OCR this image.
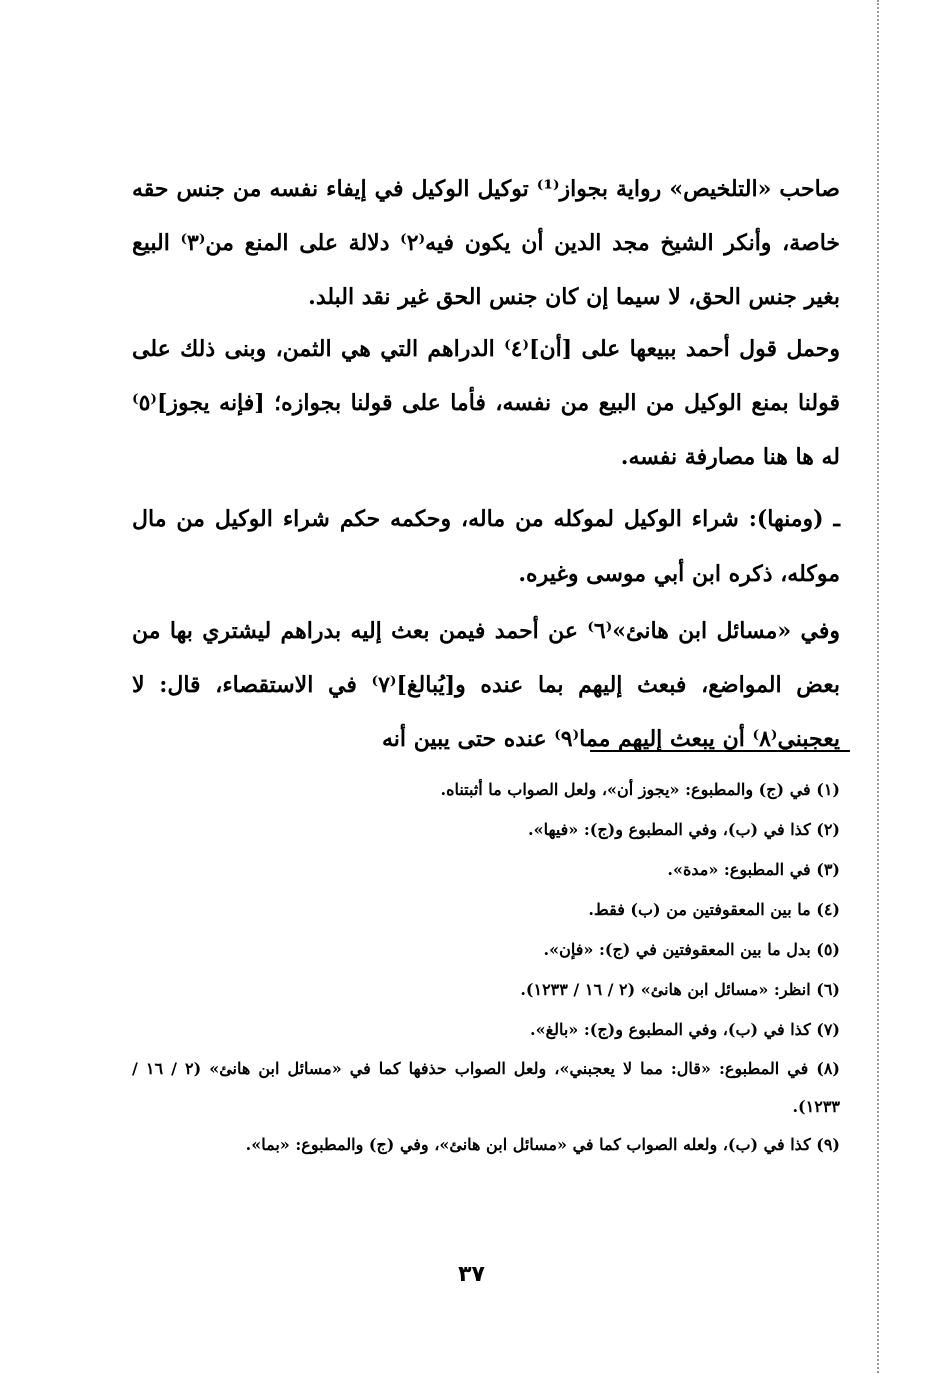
صاحب «التلخيص» رواية بجواز⁽¹⁾ توكيل الوكيل في إيفاء نفسه من جنس حقه خاصة، وأنكر الشيخ مجد الدين أن يكون فيه⁽٢⁾ دلالة على المنع من⁽٣⁾ البيع بغير جنس الحق، لا سيما إن كان جنس الحق غير نقد البلد.

وحمل قول أحمد ببيعها على [أن]⁽٤⁾ الدراهم التي هي الثمن، وبنى ذلك على قولنا بمنع الوكيل من البيع من نفسه، فأما على قولنا بجوازه؛ [فإنه يجوز]⁽٥⁾ له ها هنا مصارفة نفسه.

ـ (ومنها): شراء الوكيل لموكله من ماله، وحكمه حكم شراء الوكيل من مال موكله، ذكره ابن أبي موسى وغيره.

وفي «مسائل ابن هانئ»⁽٦⁾ عن أحمد فيمن بعث إليه بدراهم ليشتري بها من بعض المواضع، فبعث إليهم بما عنده و[يُبالغ]⁽٧⁾ في الاستقصاء، قال: لا يعجبني⁽٨⁾ أن يبعث إليهم مما⁽٩⁾ عنده حتى يبين أنه

(١) في (ج) والمطبوع: «يجوز أن»، ولعل الصواب ما أثبتناه.
(٢) كذا في (ب)، وفي المطبوع و(ج): «فيها».
(٣) في المطبوع: «مدة».
(٤) ما بين المعقوفتين من (ب) فقط.
(٥) بدل ما بين المعقوفتين في (ج): «فإن».
(٦) انظر: «مسائل ابن هانئ» (٢ / ١٦ / ١٢٣٣).
(٧) كذا في (ب)، وفي المطبوع و(ج): «بالغ».
(٨) في المطبوع: «قال: مما لا يعجبني»، ولعل الصواب حذفها كما في «مسائل ابن هانئ» (٢ / ١٦ / ١٢٣٣).
(٩) كذا في (ب)، ولعله الصواب كما في «مسائل ابن هانئ»، وفي (ج) والمطبوع: «بما».
٣٧
